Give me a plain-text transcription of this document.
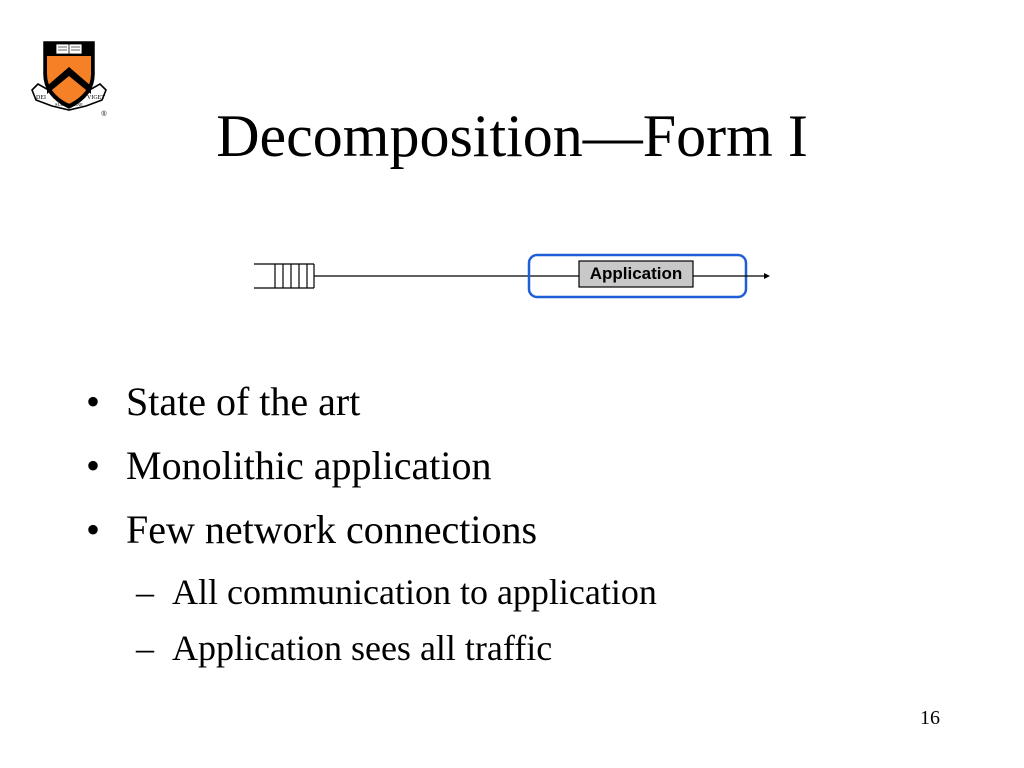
DEI
SUB NUMINE
VIGET
®	Decomposition—Form I
Application
• State of the art
• Monolithic application
• Few network connections
– All communication to application
– Application sees all traffic
16
